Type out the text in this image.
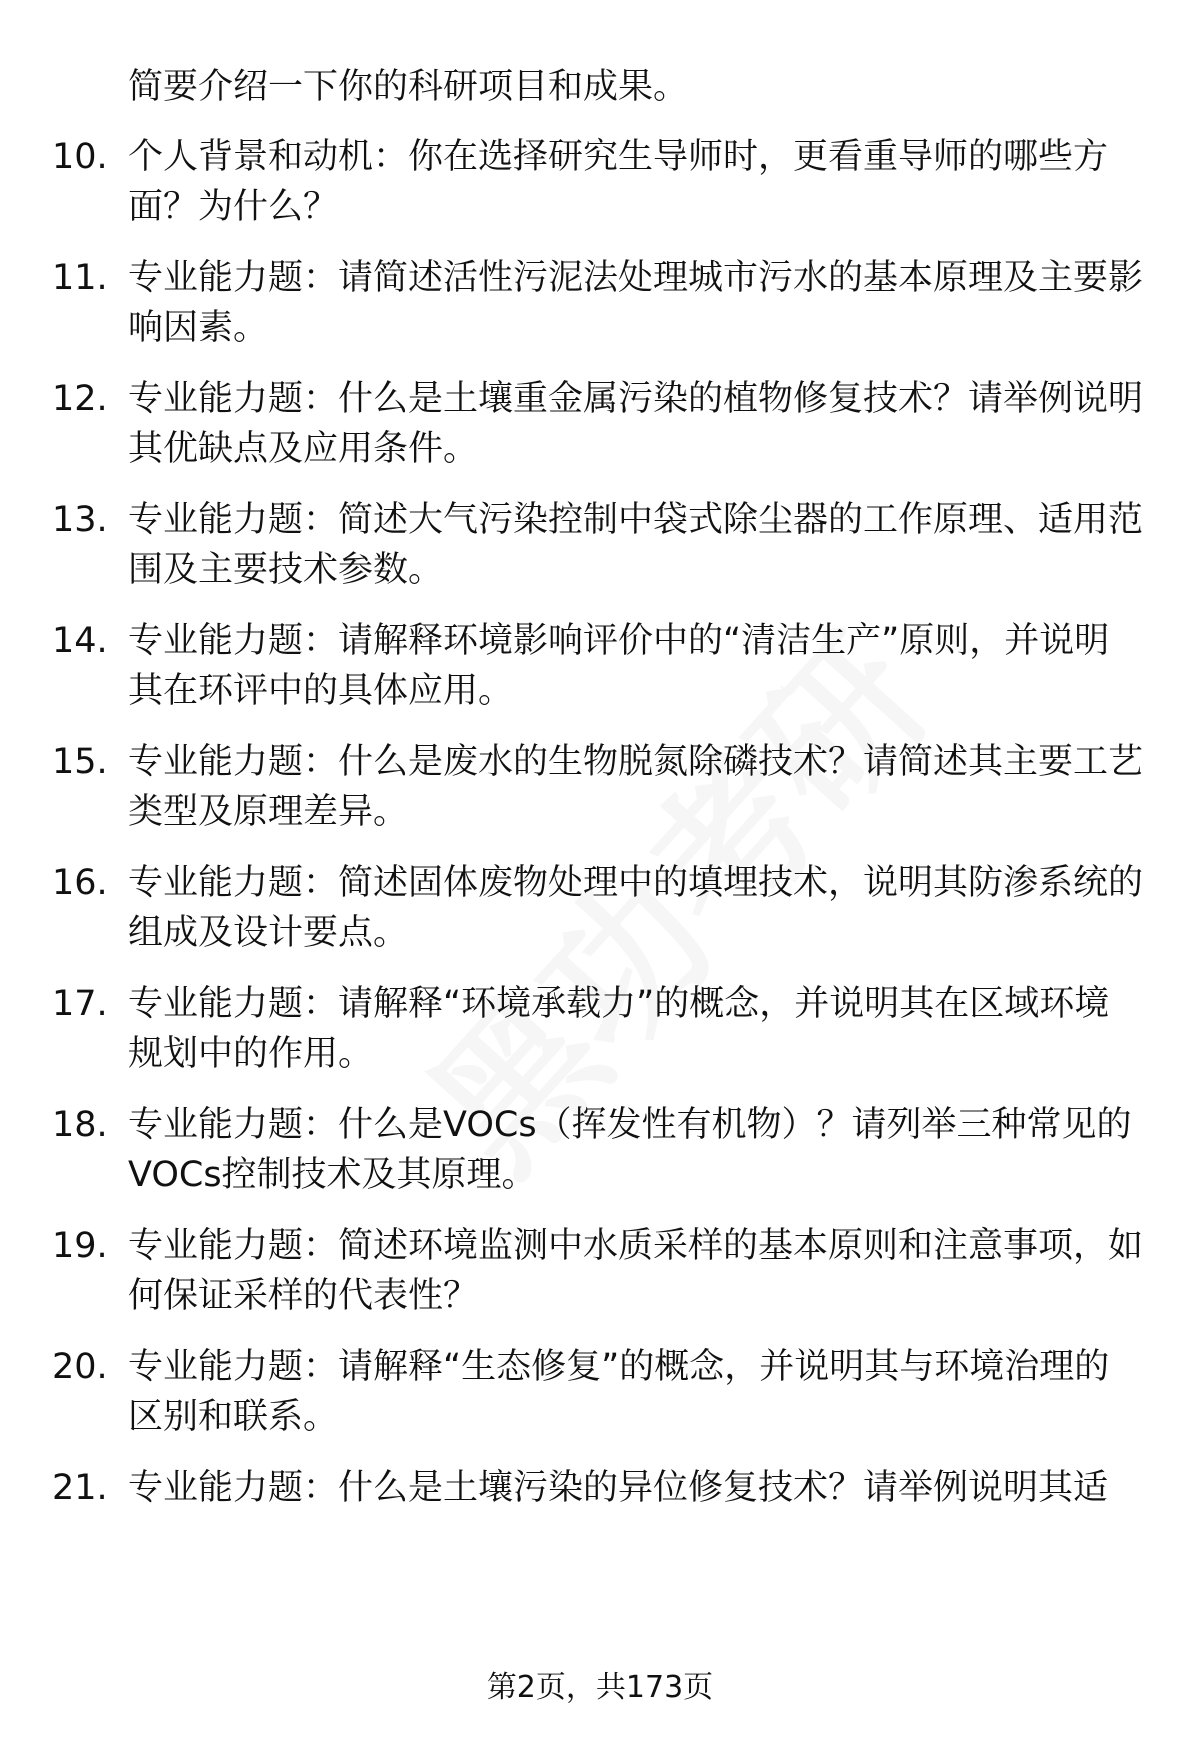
简要介绍一下你的科研项目和成果。
10. 个人背景和动机：你在选择研究生导师时，更看重导师的哪些方面？为什么？
11. 专业能力题：请简述活性污泥法处理城市污水的基本原理及主要影响因素。
12. 专业能力题：什么是土壤重金属污染的植物修复技术？请举例说明其优缺点及应用条件。
13. 专业能力题：简述大气污染控制中袋式除尘器的工作原理、适用范围及主要技术参数。
14. 专业能力题：请解释环境影响评价中的“清洁生产”原则，并说明其在环评中的具体应用。
15. 专业能力题：什么是废水的生物脱氮除磷技术？请简述其主要工艺类型及原理差异。
16. 专业能力题：简述固体废物处理中的填埋技术，说明其防渗系统的组成及设计要点。
17. 专业能力题：请解释“环境承载力”的概念，并说明其在区域环境规划中的作用。
18. 专业能力题：什么是VOCs（挥发性有机物）？请列举三种常见的VOCs控制技术及其原理。
19. 专业能力题：简述环境监测中水质采样的基本原则和注意事项，如何保证采样的代表性？
20. 专业能力题：请解释“生态修复”的概念，并说明其与环境治理的区别和联系。
21. 专业能力题：什么是土壤污染的异位修复技术？请举例说明其适
第2页，共173页
